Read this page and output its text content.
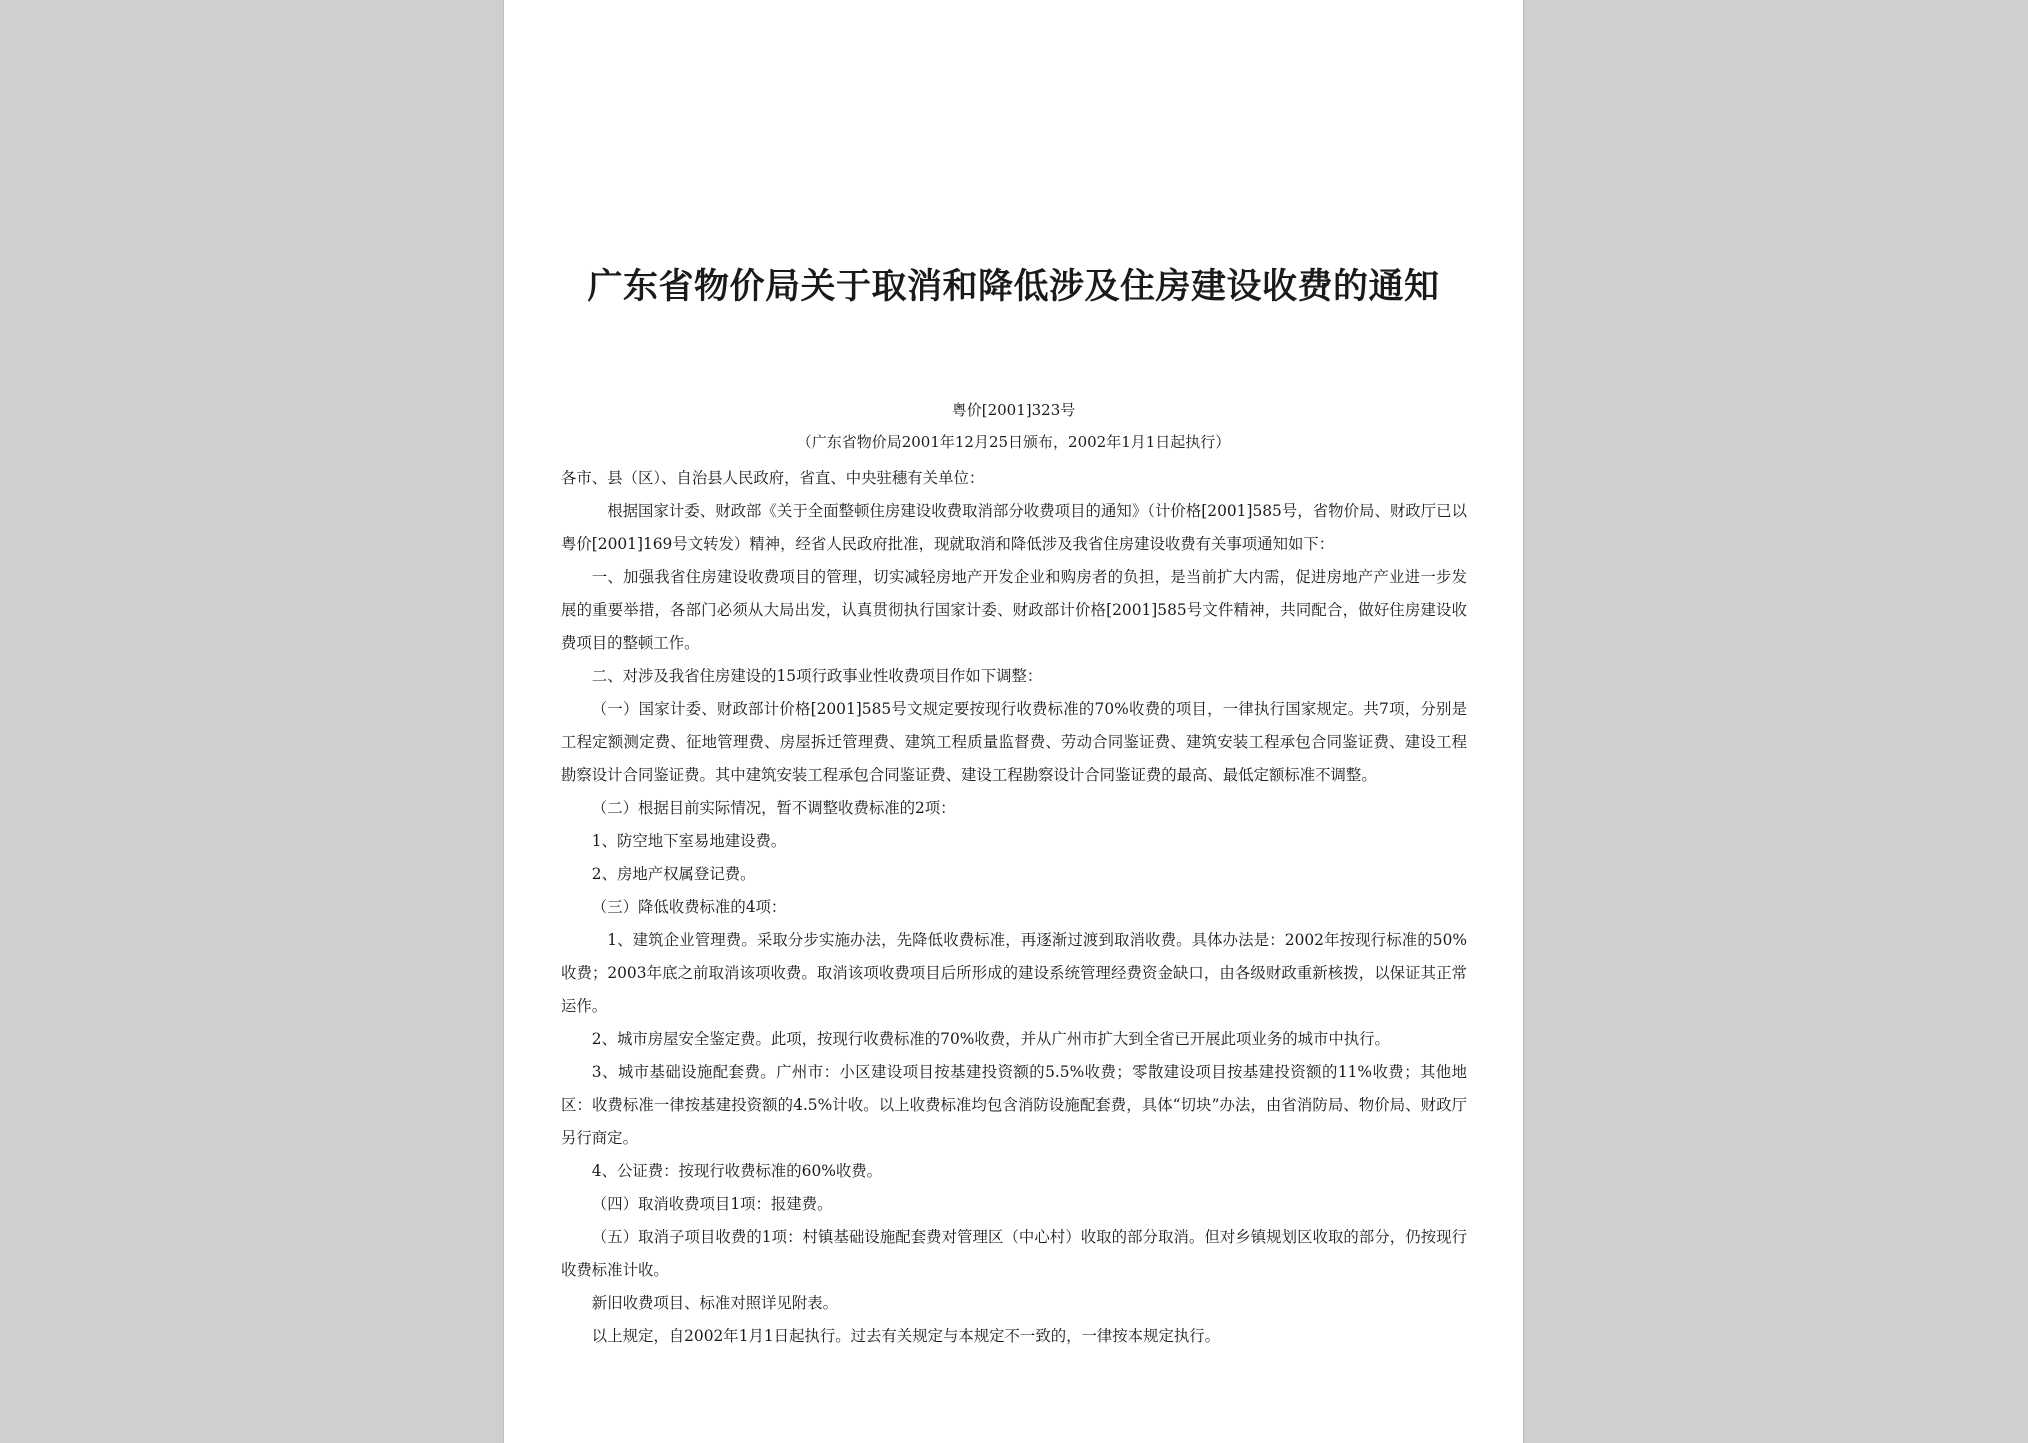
广东省物价局关于取消和降低涉及住房建设收费的通知
粤价[2001]323号
（广东省物价局2001年12月25日颁布，2002年1月1日起执行）

各市、县（区）、自治县人民政府，省直、中央驻穗有关单位：

根据国家计委、财政部《关于全面整顿住房建设收费取消部分收费项目的通知》（计价格[2001]585号，省物价局、财政厅已以粤价[2001]169号文转发）精神，经省人民政府批准，现就取消和降低涉及我省住房建设收费有关事项通知如下：

一、加强我省住房建设收费项目的管理，切实减轻房地产开发企业和购房者的负担，是当前扩大内需，促进房地产产业进一步发展的重要举措，各部门必须从大局出发，认真贯彻执行国家计委、财政部计价格[2001]585号文件精神，共同配合，做好住房建设收费项目的整顿工作。

二、对涉及我省住房建设的15项行政事业性收费项目作如下调整：

（一）国家计委、财政部计价格[2001]585号文规定要按现行收费标准的70%收费的项目，一律执行国家规定。共7项，分别是工程定额测定费、征地管理费、房屋拆迁管理费、建筑工程质量监督费、劳动合同鉴证费、建筑安装工程承包合同鉴证费、建设工程勘察设计合同鉴证费。其中建筑安装工程承包合同鉴证费、建设工程勘察设计合同鉴证费的最高、最低定额标准不调整。

（二）根据目前实际情况，暂不调整收费标准的2项：

1、防空地下室易地建设费。

2、房地产权属登记费。

（三）降低收费标准的4项：

1、建筑企业管理费。采取分步实施办法，先降低收费标准，再逐渐过渡到取消收费。具体办法是：2002年按现行标准的50%收费；2003年底之前取消该项收费。取消该项收费项目后所形成的建设系统管理经费资金缺口，由各级财政重新核拨，以保证其正常运作。

2、城市房屋安全鉴定费。此项，按现行收费标准的70%收费，并从广州市扩大到全省已开展此项业务的城市中执行。

3、城市基础设施配套费。广州市：小区建设项目按基建投资额的5.5%收费；零散建设项目按基建投资额的11%收费；其他地区：收费标准一律按基建投资额的4.5%计收。以上收费标准均包含消防设施配套费，具体“切块”办法，由省消防局、物价局、财政厅另行商定。

4、公证费：按现行收费标准的60%收费。

（四）取消收费项目1项：报建费。

（五）取消子项目收费的1项：村镇基础设施配套费对管理区（中心村）收取的部分取消。但对乡镇规划区收取的部分，仍按现行收费标准计收。

新旧收费项目、标准对照详见附表。

以上规定，自2002年1月1日起执行。过去有关规定与本规定不一致的，一律按本规定执行。
